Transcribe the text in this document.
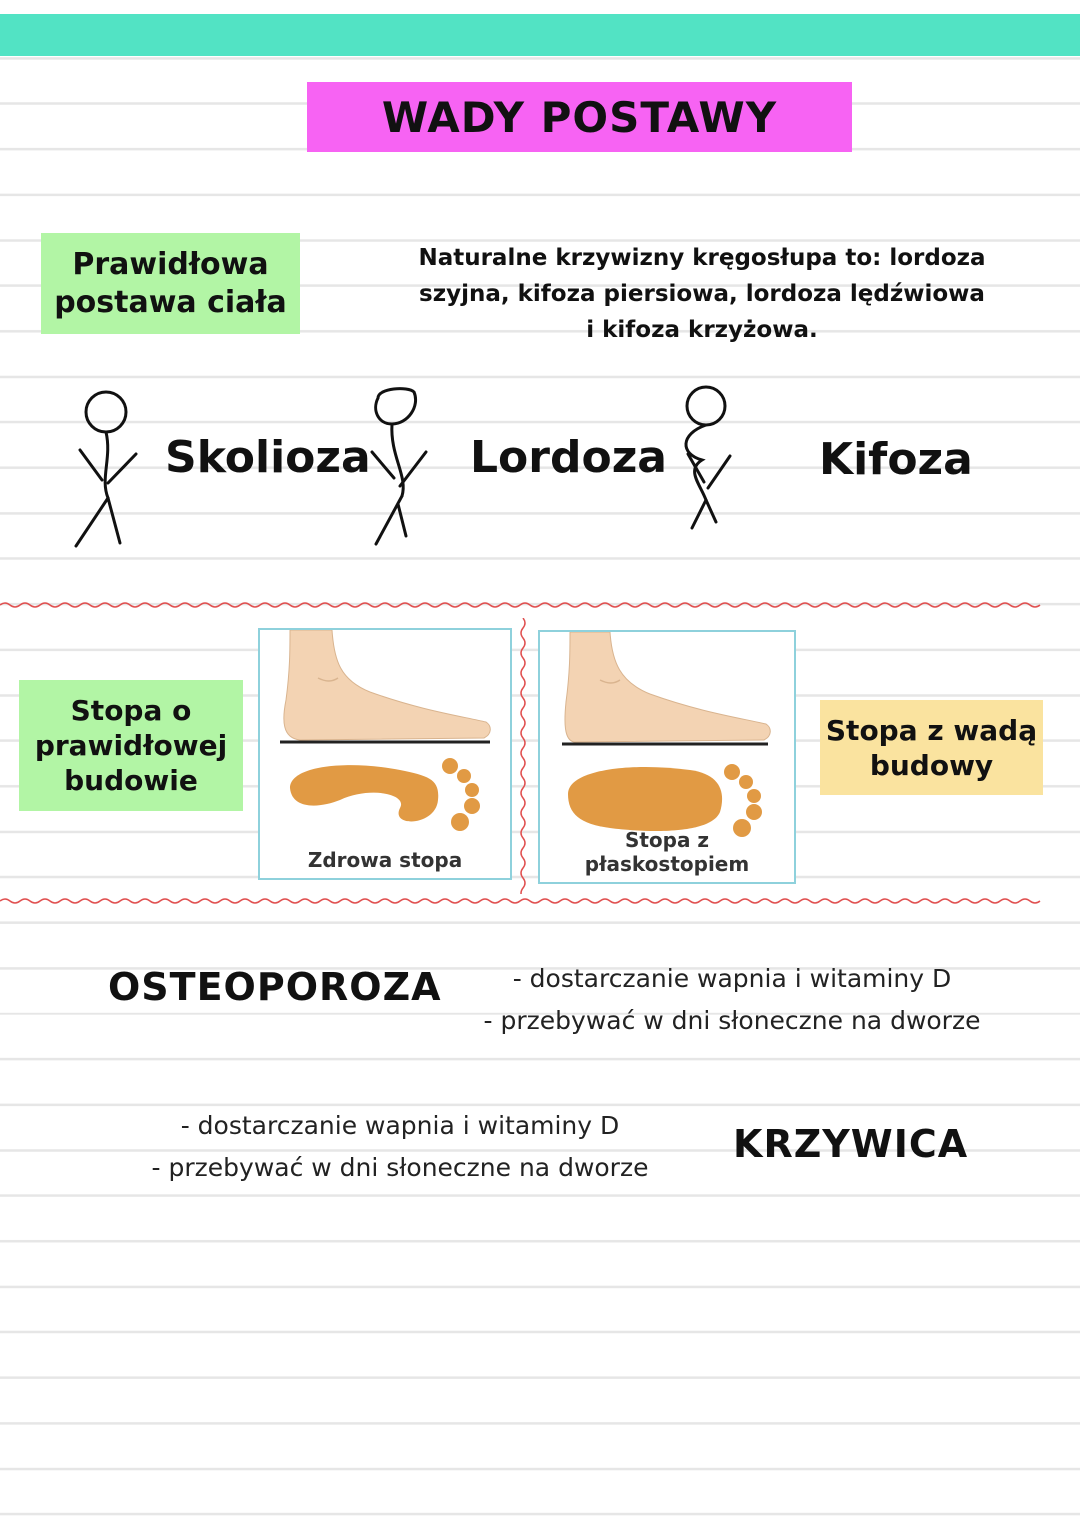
WADY POSTAWY
Prawidłowa postawa ciała
Naturalne krzywizny kręgosłupa to: lordoza szyjna, kifoza piersiowa, lordoza lędźwiowa i kifoza krzyżowa.
Skolioza Lordoza	Kifoza
Stopa o prawidłowej budowie
Zdrowa stopa
Stopa z płaskostopiem
Stopa z wadą budowy
OSTEOPOROZA	- dostarczanie wapnia i witaminy D
- przebywać w dni słoneczne na dworze
- dostarczanie wapnia i witaminy D
- przebywać w dni słoneczne na dworze
KRZYWICA
